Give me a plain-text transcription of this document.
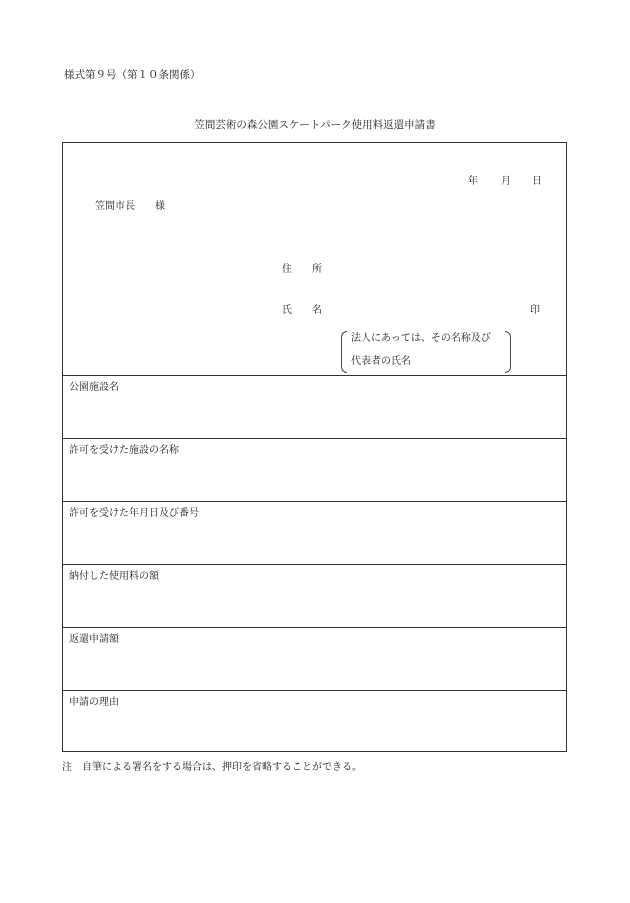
様式第９号（第１０条関係）
笠間芸術の森公園スケートパーク使用料返還申請書
年 月 日
笠間市長　　様
住　　所
氏　　名	印
公園施設名
許可を受けた施設の名称
許可を受けた年月日及び番号
納付した使用料の額
返還申請額
申請の理由
法人にあっては、その名称及び
代表者の氏名
注　自筆による署名をする場合は、押印を省略することができる。
